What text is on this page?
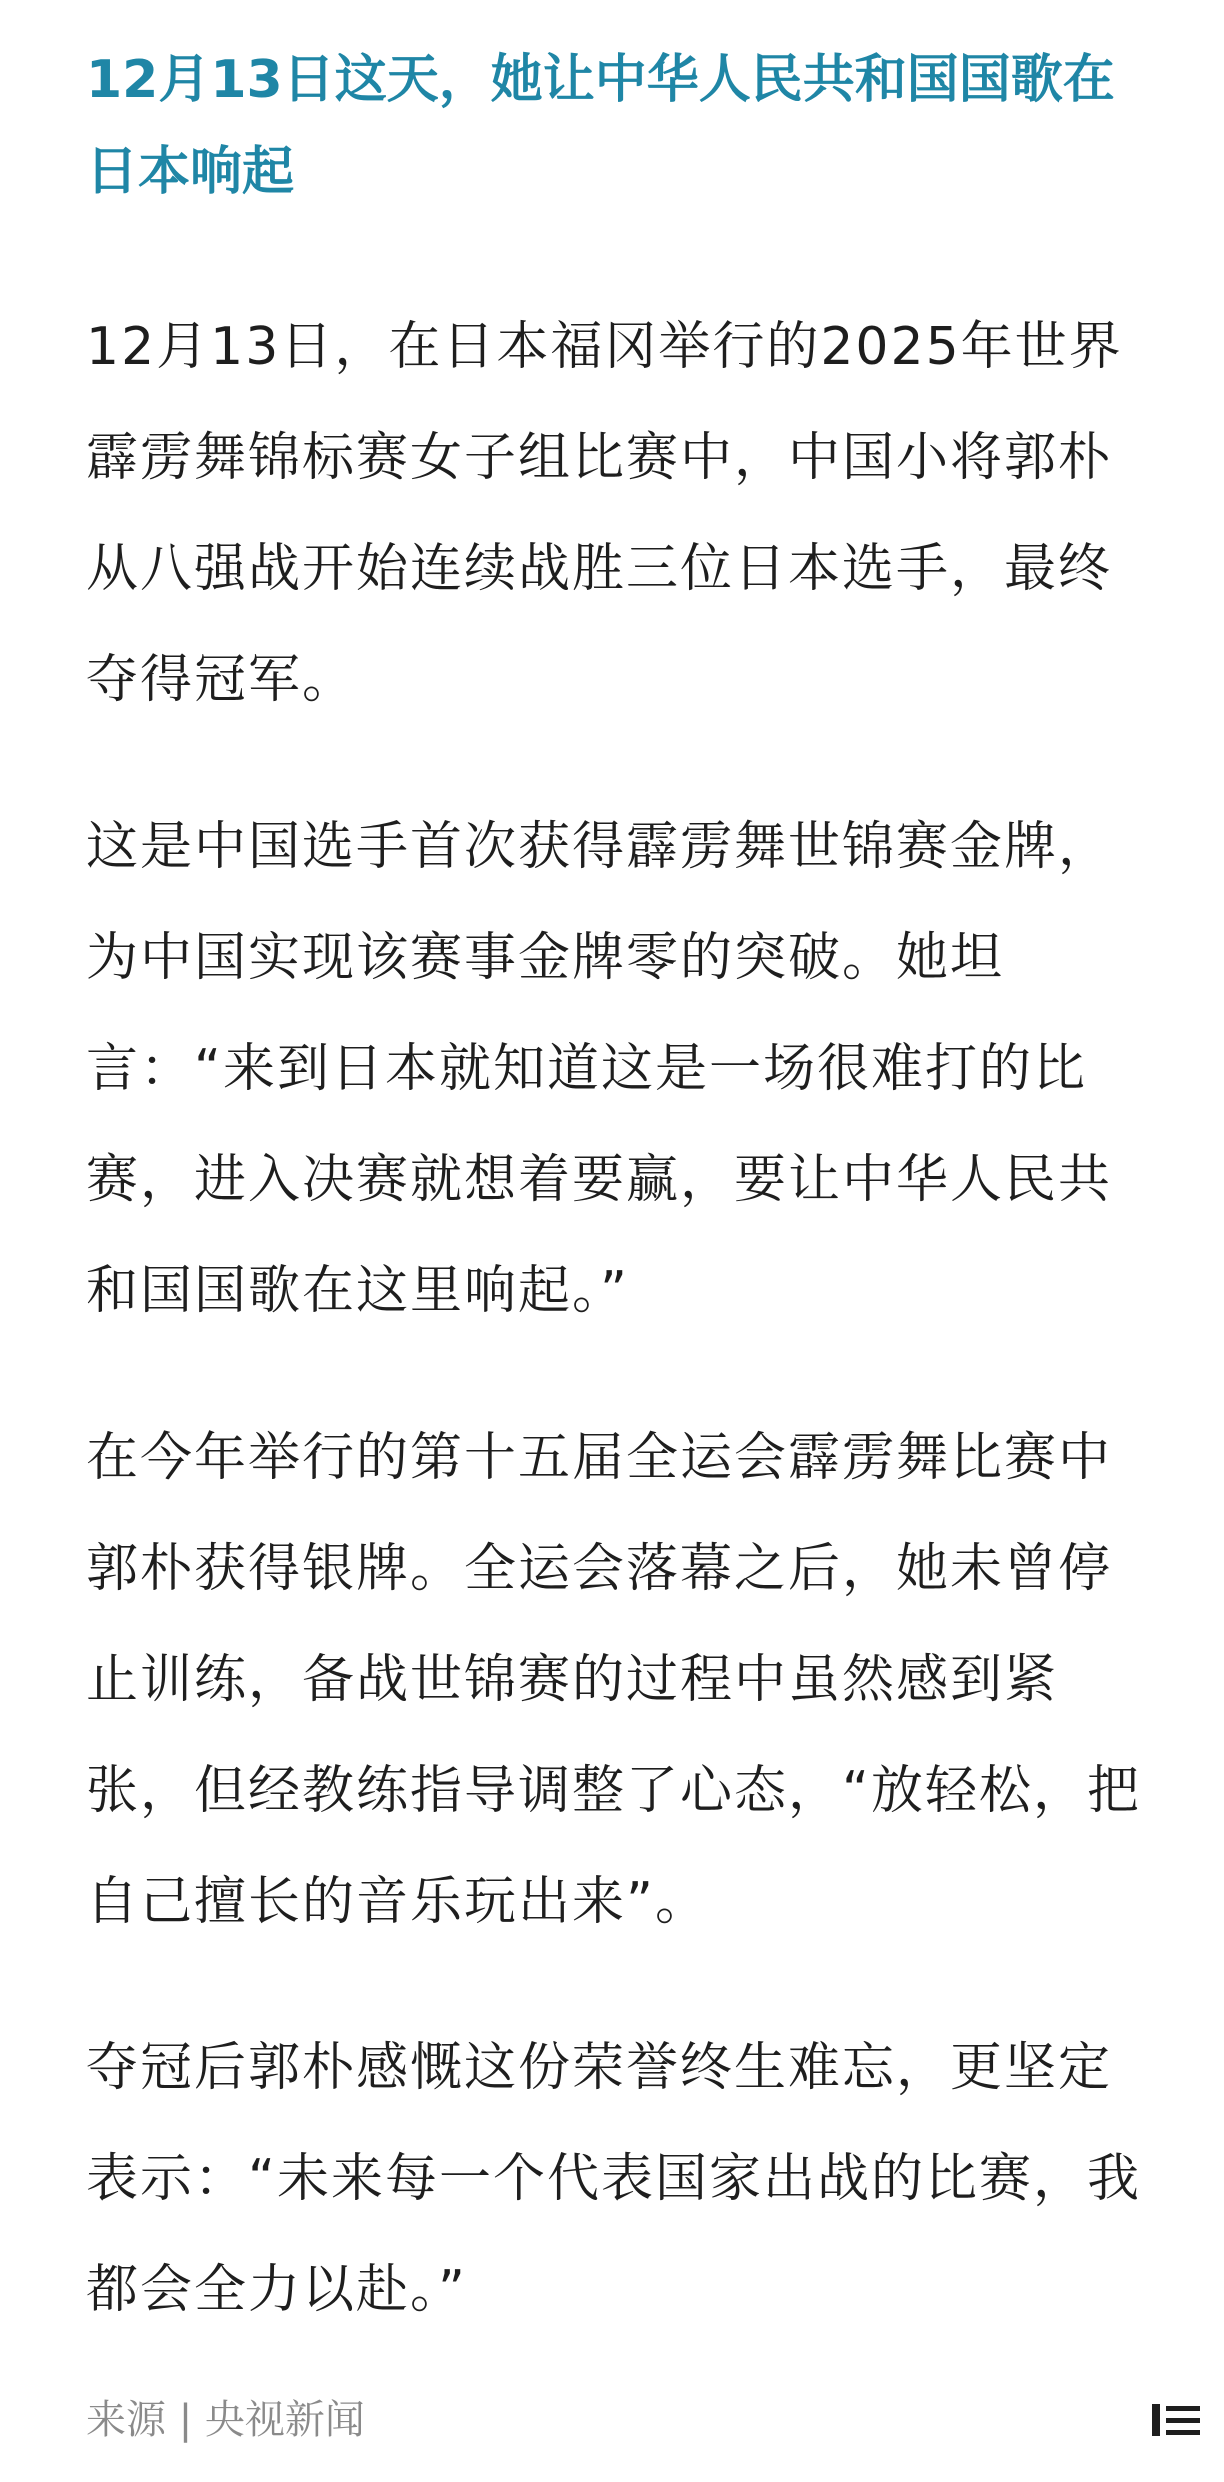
12月13日这天，她让中华人民共和国国歌在日本响起

12月13日，在日本福冈举行的2025年世界霹雳舞锦标赛女子组比赛中，中国小将郭朴从八强战开始连续战胜三位日本选手，最终夺得冠军。

这是中国选手首次获得霹雳舞世锦赛金牌，为中国实现该赛事金牌零的突破。她坦言：“来到日本就知道这是一场很难打的比赛，进入决赛就想着要赢，要让中华人民共和国国歌在这里响起。”

在今年举行的第十五届全运会霹雳舞比赛中郭朴获得银牌。全运会落幕之后，她未曾停止训练，备战世锦赛的过程中虽然感到紧张，但经教练指导调整了心态，“放轻松，把自己擅长的音乐玩出来”。

夺冠后郭朴感慨这份荣誉终生难忘，更坚定表示：“未来每一个代表国家出战的比赛，我都会全力以赴。”

来源 | 央视新闻
